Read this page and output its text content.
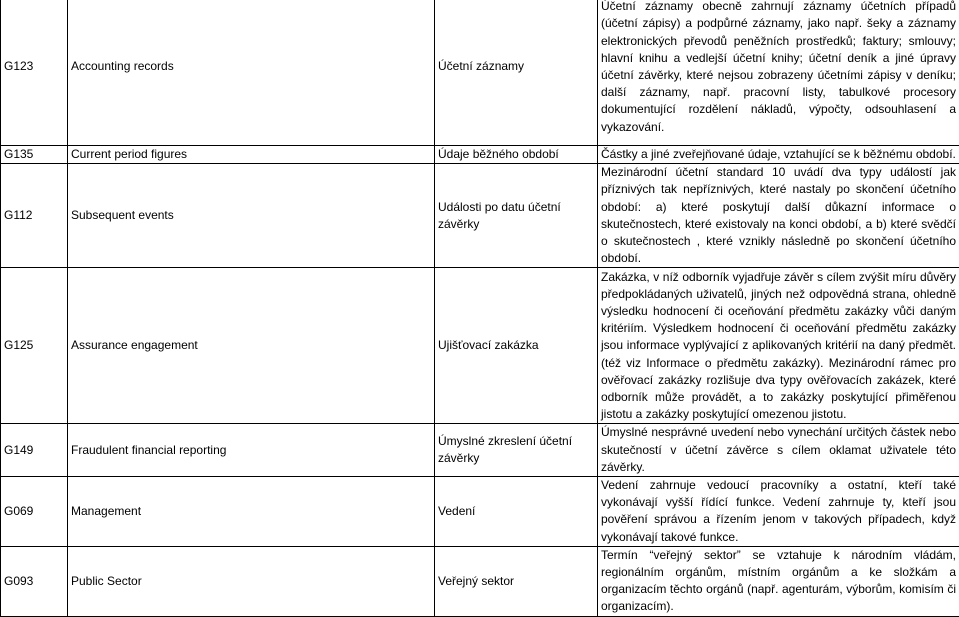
G123	Accounting records	Účetní záznamy	Účetní záznamy obecně zahrnují záznamy účetních případů (účetní zápisy) a podpůrné záznamy, jako např. šeky a záznamy elektronických převodů peněžních prostředků; faktury; smlouvy; hlavní knihu a vedlejší účetní knihy; účetní deník a jiné úpravy účetní závěrky, které nejsou zobrazeny účetními zápisy v deníku; další záznamy, např. pracovní listy, tabulkové procesory dokumentující rozdělení nákladů, výpočty, odsouhlasení a vykazování.
G135	Current period figures	Údaje běžného období	Částky a jiné zveřejňované údaje, vztahující se k běžnému období.
G112	Subsequent events	Události po datu účetní závěrky	Mezinárodní účetní standard 10 uvádí dva typy událostí jak příznivých tak nepříznivých, které nastaly po skončení účetního období: a) které poskytují další důkazní informace o skutečnostech, které existovaly na konci období, a b) které svědčí o skutečnostech , které vznikly následně po skončení účetního období.
G125	Assurance engagement	Ujišťovací zakázka	Zakázka, v níž odborník vyjadřuje závěr s cílem zvýšit míru důvěry předpokládaných uživatelů, jiných než odpovědná strana, ohledně výsledku hodnocení či oceňování předmětu zakázky vůči daným kritériím. Výsledkem hodnocení či oceňování předmětu zakázky jsou informace vyplývající z aplikovaných kritérií na daný předmět. (též viz Informace o předmětu zakázky). Mezinárodní rámec pro ověřovací zakázky rozlišuje dva typy ověřovacích zakázek, které odborník může provádět, a to zakázky poskytující přiměřenou jistotu a zakázky poskytující omezenou jistotu.
G149	Fraudulent financial reporting	Úmyslné zkreslení účetní závěrky	Úmyslné nesprávné uvedení nebo vynechání určitých částek nebo skutečností v účetní závěrce s cílem oklamat uživatele této závěrky.
G069	Management	Vedení	Vedení zahrnuje vedoucí pracovníky a ostatní, kteří také vykonávají vyšší řídící funkce. Vedení zahrnuje ty, kteří jsou pověření správou a řízením jenom v takových případech, když vykonávají takové funkce.
G093	Public Sector	Veřejný sektor	Termín “veřejný sektor” se vztahuje k národním vládám, regionálním orgánům, místním orgánům a ke složkám a organizacím těchto orgánů (např. agenturám, výborům, komisím či organizacím).
